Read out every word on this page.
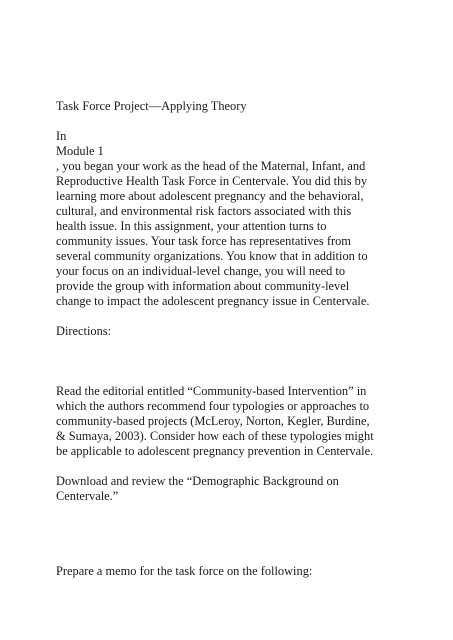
Task Force Project—Applying Theory
In
Module 1
, you began your work as the head of the Maternal, Infant, and
Reproductive Health Task Force in Centervale. You did this by
learning more about adolescent pregnancy and the behavioral,
cultural, and environmental risk factors associated with this
health issue. In this assignment, your attention turns to
community issues. Your task force has representatives from
several community organizations. You know that in addition to
your focus on an individual-level change, you will need to
provide the group with information about community-level
change to impact the adolescent pregnancy issue in Centervale.
Directions:
Read the editorial entitled “Community-based Intervention” in
which the authors recommend four typologies or approaches to
community-based projects (McLeroy, Norton, Kegler, Burdine,
& Sumaya, 2003). Consider how each of these typologies might
be applicable to adolescent pregnancy prevention in Centervale.
Download and review the “Demographic Background on
Centervale.”
Prepare a memo for the task force on the following:
